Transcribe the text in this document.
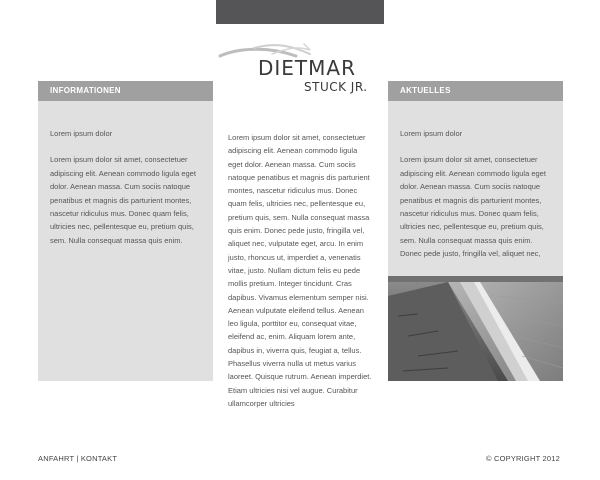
DIETMAR
STUCK JR.
INFORMATIONEN
Lorem ipsum dolor
Lorem ipsum dolor sit amet, consectetuer adipiscing elit. Aenean commodo ligula eget dolor. Aenean massa. Cum sociis natoque penatibus et magnis dis parturient montes, nascetur ridiculus mus. Donec quam felis, ultricies nec, pellentesque eu, pretium quis, sem. Nulla consequat massa quis enim.
Lorem ipsum dolor sit amet, consectetuer adipiscing elit. Aenean commodo ligula eget dolor. Aenean massa. Cum sociis natoque penatibus et magnis dis parturient montes, nascetur ridiculus mus. Donec quam felis, ultricies nec, pellentesque eu, pretium quis, sem. Nulla consequat massa quis enim. Donec pede justo, fringilla vel, aliquet nec, vulputate eget, arcu. In enim justo, rhoncus ut, imperdiet a, venenatis vitae, justo. Nullam dictum felis eu pede mollis pretium. Integer tincidunt. Cras dapibus. Vivamus elementum semper nisi. Aenean vulputate eleifend tellus. Aenean leo ligula, porttitor eu, consequat vitae, eleifend ac, enim. Aliquam lorem ante, dapibus in, viverra quis, feugiat a, tellus. Phasellus viverra nulla ut metus varius laoreet. Quisque rutrum. Aenean imperdiet. Etiam ultricies nisi vel augue. Curabitur ullamcorper ultricies
AKTUELLES
Lorem ipsum dolor
Lorem ipsum dolor sit amet, consectetuer adipiscing elit. Aenean commodo ligula eget dolor. Aenean massa. Cum sociis natoque penatibus et magnis dis parturient montes, nascetur ridiculus mus. Donec quam felis, ultricies nec, pellentesque eu, pretium quis, sem. Nulla consequat massa quis enim. Donec pede justo, fringilla vel, aliquet nec,
ANFAHRT | KONTAKT	© COPYRIGHT 2012
